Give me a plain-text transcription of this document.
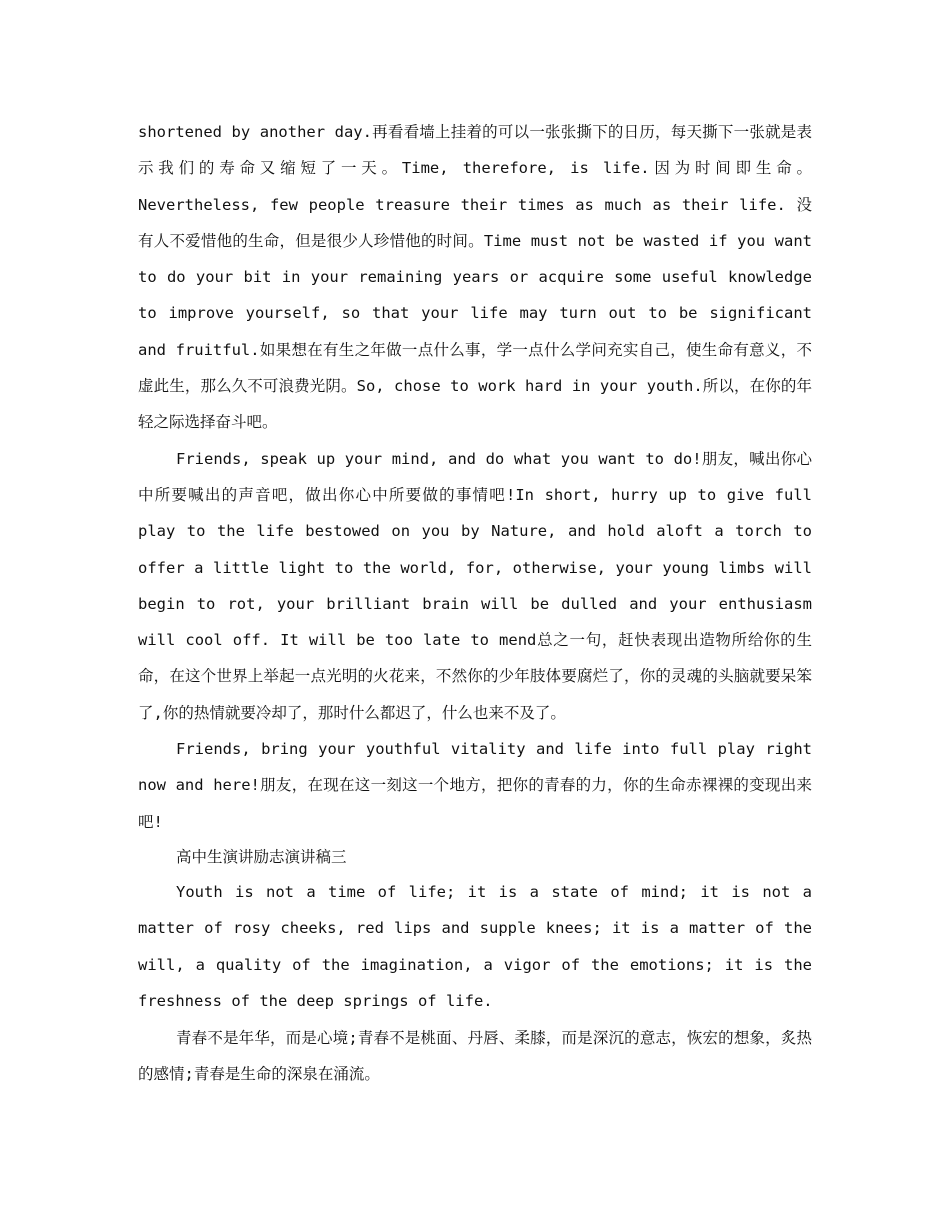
shortened by another day.再看看墙上挂着的可以一张张撕下的日历，每天撕下一张就是表示我们的寿命又缩短了一天。Time, therefore, is life.因为时间即生命。Nevertheless, few people treasure their times as much as their life. 没有人不爱惜他的生命，但是很少人珍惜他的时间。Time must not be wasted if you want to do your bit in your remaining years or acquire some useful knowledge to improve yourself, so that your life may turn out to be significant and fruitful.如果想在有生之年做一点什么事，学一点什么学问充实自己，使生命有意义，不虚此生，那么久不可浪费光阴。So, chose to work hard in your youth.所以，在你的年轻之际选择奋斗吧。

Friends, speak up your mind, and do what you want to do!朋友，喊出你心中所要喊出的声音吧，做出你心中所要做的事情吧!In short, hurry up to give full play to the life bestowed on you by Nature, and hold aloft a torch to offer a little light to the world, for, otherwise, your young limbs will begin to rot, your brilliant brain will be dulled and your enthusiasm will cool off. It will be too late to mend总之一句，赶快表现出造物所给你的生命，在这个世界上举起一点光明的火花来，不然你的少年肢体要腐烂了，你的灵魂的头脑就要呆笨了,你的热情就要冷却了，那时什么都迟了，什么也来不及了。

Friends, bring your youthful vitality and life into full play right now and here!朋友，在现在这一刻这一个地方，把你的青春的力，你的生命赤裸裸的变现出来吧!

高中生演讲励志演讲稿三

Youth is not a time of life; it is a state of mind; it is not a matter of rosy cheeks, red lips and supple knees; it is a matter of the will, a quality of the imagination, a vigor of the emotions; it is the freshness of the deep springs of life.

青春不是年华，而是心境;青春不是桃面、丹唇、柔膝，而是深沉的意志，恢宏的想象，炙热的感情;青春是生命的深泉在涌流。
